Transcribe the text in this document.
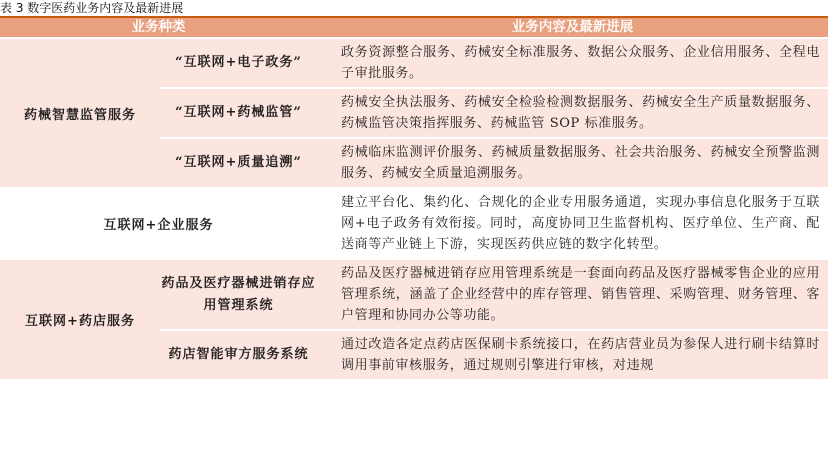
表 3 数字医药业务内容及最新进展
业务种类	业务内容及最新进展
药械智慧监管服务
“互联网+电子政务”
政务资源整合服务、药械安全标准服务、数据公众服务、企业信用服务、全程电子审批服务。
“互联网+药械监管”
药械安全执法服务、药械安全检验检测数据服务、药械安全生产质量数据服务、药械监管决策指挥服务、药械监管 SOP 标准服务。
“互联网+质量追溯”
药械临床监测评价服务、药械质量数据服务、社会共治服务、药械安全预警监测服务、药械安全质量追溯服务。
互联网+企业服务
建立平台化、集约化、合规化的企业专用服务通道，实现办事信息化服务于互联网+电子政务有效衔接。同时，高度协同卫生监督机构、医疗单位、生产商、配送商等产业链上下游，实现医药供应链的数字化转型。
互联网+药店服务
药品及医疗器械进销存应用管理系统
药品及医疗器械进销存应用管理系统是一套面向药品及医疗器械零售企业的应用管理系统，涵盖了企业经营中的库存管理、销售管理、采购管理、财务管理、客户管理和协同办公等功能。
药店智能审方服务系统
通过改造各定点药店医保刷卡系统接口，在药店营业员为参保人进行刷卡结算时调用事前审核服务，通过规则引擎进行审核，对违规
